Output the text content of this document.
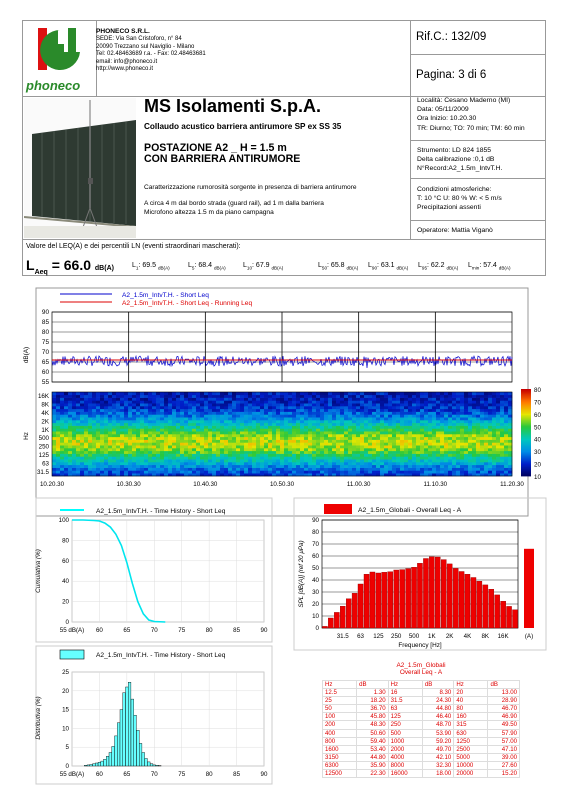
phoneco
PHONECO S.R.L.
SEDE: Via San Cristoforo, n° 84
20090 Trezzano sul Naviglio - Milano
Tel: 02.48463689 r.a. - Fax: 02.48463681
email: info@phoneco.it
http://www.phoneco.it
Rif.C.: 132/09
Pagina: 3 di 6
MS Isolamenti S.p.A.
Collaudo acustico barriera antirumore SP ex SS 35
POSTAZIONE A2 _ H = 1.5 m
CON BARRIERA ANTIRUMORE
Caratterizzazione rumorosità sorgente in presenza di barriera antirumore
A circa 4 m dal bordo strada (guard rail), ad 1 m dalla barriera
Microfono altezza 1.5 m da piano campagna
Località: Cesano Maderno (MI)
Data: 05/11/2009
Ora Inizio: 10.20.30
TR: Diurno; TO: 70 min; TM: 60 min
Strumento: LD 824 1855
Delta calibrazione :0,1 dB
N°Record:A2_1.5m_IntvT.H.
Condizioni atmosferiche:
T: 10 °C U: 80 % W: < 5 m/s
Precipitazioni assenti
Operatore: Mattia Viganò
Valore del LEQ(A) e dei percentili LN (eventi straordinari mascherati):
$L_{Aeq} = 66.0$ dB(A)	$L_1$: 69.5 $_{dB(A)}$	$L_5$: 68.4 $_{dB(A)}$ $L_{10}$: 67.9 $_{dB(A)}$	$L_{50}$: 65.8 $_{dB(A)}$ $L_{90}$: 63.1 $_{dB(A)}$ $L_{95}$: 62.2 $_{dB(A)}$ $L_{min}$: 57.4 $_{dB(A)}$
A2_1.5m_IntvT.H. - Short Leq
A2_1.5m_IntvT.H. - Short Leq - Running Leq
90
85
80
75
70
65
60
55
dB(A)
16K
8K
4K
2K
1K
500
250
125
63
31.5
Hz
10.20.30	10.30.30	10.40.30	10.50.30	11.00.30	11.10.30	11.20.30
80
70
60
50
40
30
20
10
A2_1.5m_IntvT.H. - Time History - Short Leq
100
80
60
40
20
0
55 dB(A) 60	65	70	75	80	85	90
Cumulativa (%)
A2_1.5m_IntvT.H. - Time History - Short Leq
25
20
15
10
5
0
55 dB(A) 60	65	70	75	80	85	90
Distributiva (%)
A2_1.5m_Globali - Overall Leq - A
90
80
70
60
50
40
30
20
10
0
31.5 63 125 250 500 1K 2K 4K 8K 16K	(A)
Frequency [Hz]
SPL [dB(A)] (ref 20 µPa)
A2_1.5m_Globali
Overall Leq - A
Hz	dB	Hz	dB	Hz	dB
12.5	1.30	16	8.30	20	13.00
25	18.20	31.5	24.30	40	28.90
50	36.70	63	44.80	80	46.70
100	45.80	125	46.40	160	46.90
200	48.30	250	48.70	315	49.50
400	50.60	500	53.90	630	57.90
800	59.40	1000	59.20	1250	57.00
1600	53.40	2000	49.70	2500	47.10
3150	44.80	4000	42.10	5000	39.00
6300	35.90	8000	32.30	10000	27.60
12500	22.30	16000	18.00	20000	15.20
